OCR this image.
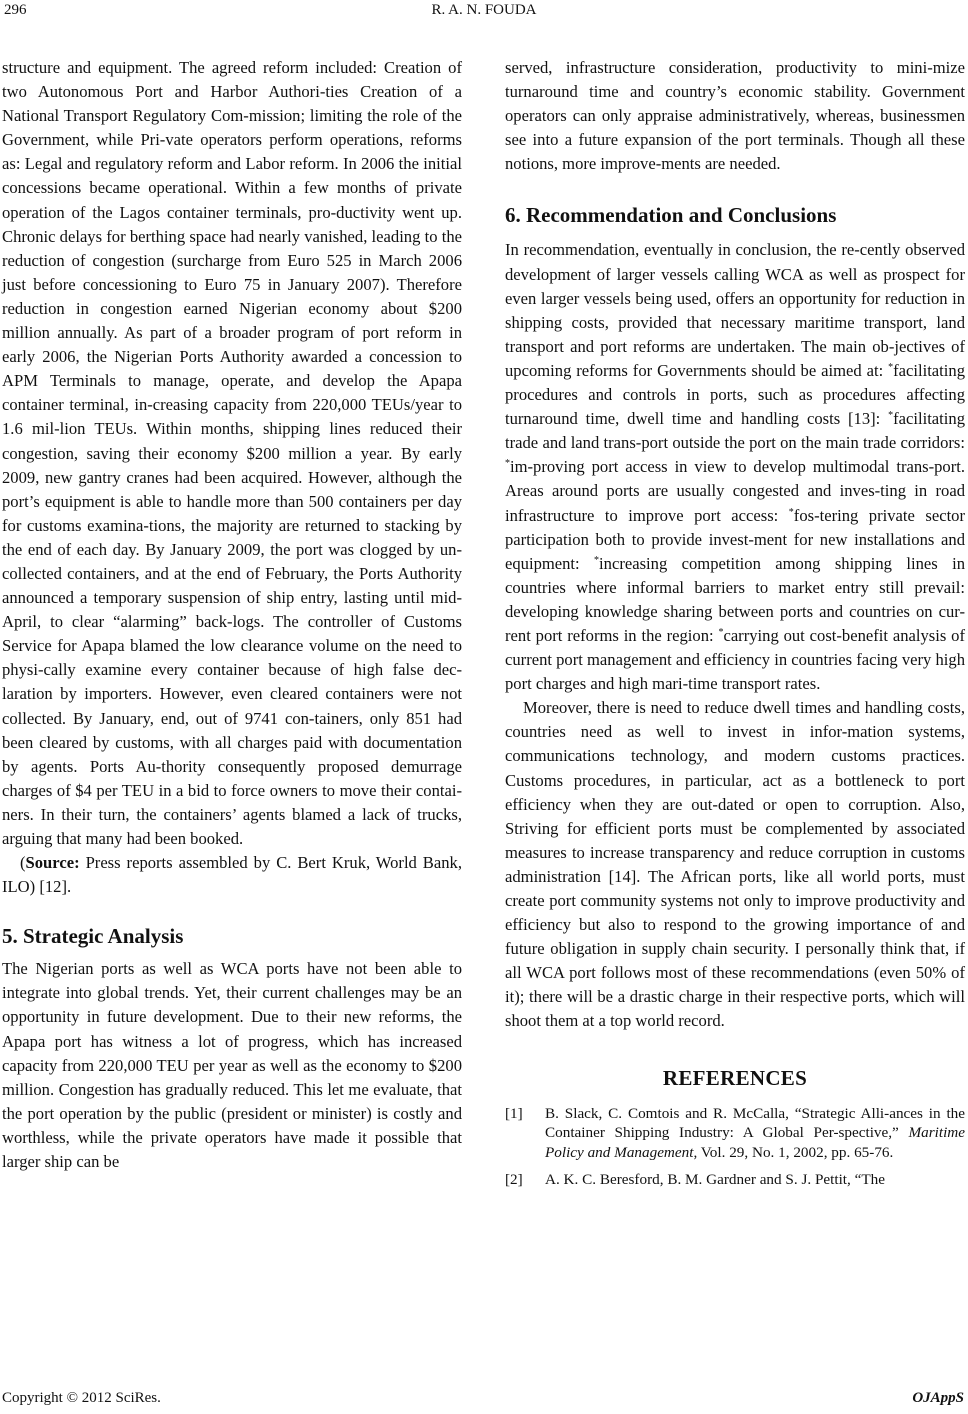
296	R. A. N. FOUDA

structure and equipment. The agreed reform included: Creation of two Autonomous Port and Harbor Authori-ties Creation of a National Transport Regulatory Com-mission; limiting the role of the Government, while Pri-vate operators perform operations, reforms as: Legal and regulatory reform and Labor reform. In 2006 the initial concessions became operational. Within a few months of private operation of the Lagos container terminals, pro-ductivity went up. Chronic delays for berthing space had nearly vanished, leading to the reduction of congestion (surcharge from Euro 525 in March 2006 just before concessioning to Euro 75 in January 2007). Therefore reduction in congestion earned Nigerian economy about $200 million annually. As part of a broader program of port reform in early 2006, the Nigerian Ports Authority awarded a concession to APM Terminals to manage, operate, and develop the Apapa container terminal, in-creasing capacity from 220,000 TEUs/year to 1.6 mil-lion TEUs. Within months, shipping lines reduced their congestion, saving their economy $200 million a year. By early 2009, new gantry cranes had been acquired. However, although the port’s equipment is able to handle more than 500 containers per day for customs examina-tions, the majority are returned to stacking by the end of each day. By January 2009, the port was clogged by un-collected containers, and at the end of February, the Ports Authority announced a temporary suspension of ship entry, lasting until mid-April, to clear “alarming” back-logs. The controller of Customs Service for Apapa blamed the low clearance volume on the need to physi-cally examine every container because of high false dec-laration by importers. However, even cleared containers were not collected. By January, end, out of 9741 con-tainers, only 851 had been cleared by customs, with all charges paid with documentation by agents. Ports Au-thority consequently proposed demurrage charges of $4 per TEU in a bid to force owners to move their contai-ners. In their turn, the containers’ agents blamed a lack of trucks, arguing that many had been booked.

(Source: Press reports assembled by C. Bert Kruk, World Bank, ILO) [12].

5. Strategic Analysis

The Nigerian ports as well as WCA ports have not been able to integrate into global trends. Yet, their current challenges may be an opportunity in future development. Due to their new reforms, the Apapa port has witness a lot of progress, which has increased capacity from 220,000 TEU per year as well as the economy to $200 million. Congestion has gradually reduced. This let me evaluate, that the port operation by the public (president or minister) is costly and worthless, while the private operators have made it possible that larger ship can be

served, infrastructure consideration, productivity to mini-mize turnaround time and country’s economic stability. Government operators can only appraise administratively, whereas, businessmen see into a future expansion of the port terminals. Though all these notions, more improve-ments are needed.

6. Recommendation and Conclusions

In recommendation, eventually in conclusion, the re-cently observed development of larger vessels calling WCA as well as prospect for even larger vessels being used, offers an opportunity for reduction in shipping costs, provided that necessary maritime transport, land transport and port reforms are undertaken. The main ob-jectives of upcoming reforms for Governments should be aimed at: *facilitating procedures and controls in ports, such as procedures affecting turnaround time, dwell time and handling costs [13]: *facilitating trade and land trans-port outside the port on the main trade corridors: *im-proving port access in view to develop multimodal trans-port. Areas around ports are usually congested and inves-ting in road infrastructure to improve port access: *fos-tering private sector participation both to provide invest-ment for new installations and equipment: *increasing competition among shipping lines in countries where informal barriers to market entry still prevail: developing knowledge sharing between ports and countries on cur-rent port reforms in the region: *carrying out cost-benefit analysis of current port management and efficiency in countries facing very high port charges and high mari-time transport rates.

Moreover, there is need to reduce dwell times and handling costs, countries need as well to invest in infor-mation systems, communications technology, and modern customs practices. Customs procedures, in particular, act as a bottleneck to port efficiency when they are out-dated or open to corruption. Also, Striving for efficient ports must be complemented by associated measures to increase transparency and reduce corruption in customs administration [14]. The African ports, like all world ports, must create port community systems not only to improve productivity and efficiency but also to respond to the growing importance of and future obligation in supply chain security. I personally think that, if all WCA port follows most of these recommendations (even 50% of it); there will be a drastic charge in their respective ports, which will shoot them at a top world record.

REFERENCES
[1]	B. Slack, C. Comtois and R. McCalla, “Strategic Alli-ances in the Container Shipping Industry: A Global Per-spective,” Maritime Policy and Management, Vol. 29, No. 1, 2002, pp. 65-76.
[2]	A. K. C. Beresford, B. M. Gardner and S. J. Pettit, “The
Copyright © 2012 SciRes.	OJAppS
